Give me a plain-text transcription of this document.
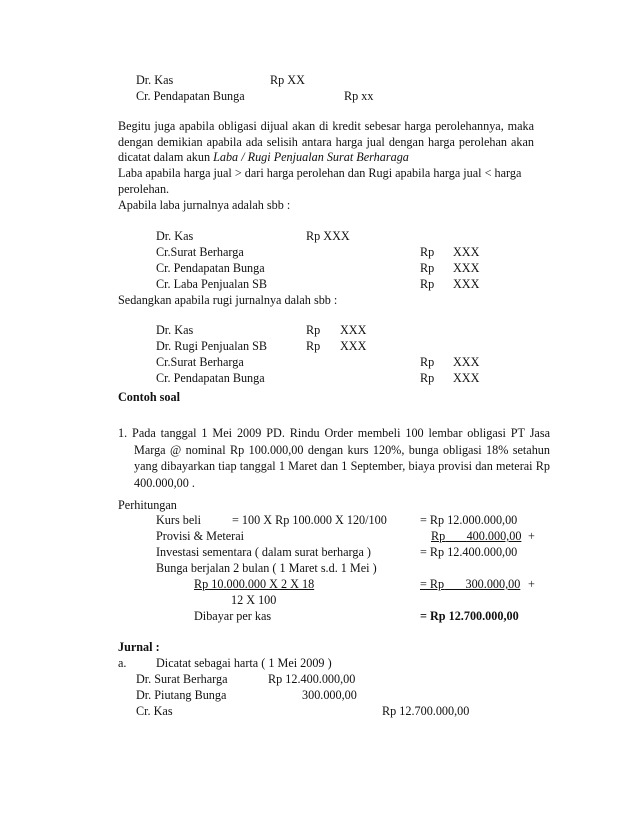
Dr. Kas	Rp XX
Cr. Pendapatan Bunga	Rp xx
Begitu juga apabila obligasi dijual akan di kredit sebesar harga perolehannya, maka dengan demikian apabila ada selisih antara harga jual dengan harga perolehan akan dicatat dalam akun Laba / Rugi Penjualan Surat Berharaga
Laba apabila harga jual > dari harga perolehan dan Rugi apabila harga jual < harga perolehan.
Apabila laba jurnalnya adalah sbb :
Dr. Kas	Rp XXX
Cr.Surat Berharga	Rp XXX
Cr. Pendapatan Bunga	Rp XXX
Cr. Laba Penjualan SB	Rp XXX
Sedangkan apabila rugi jurnalnya dalah sbb :
Dr. Kas	Rp XXX
Dr. Rugi Penjualan SB	Rp XXX
Cr.Surat Berharga	Rp XXX
Cr. Pendapatan Bunga	Rp XXX
Contoh soal
1. Pada tanggal 1 Mei 2009 PD. Rindu Order membeli 100 lembar obligasi PT Jasa Marga @ nominal Rp 100.000,00 dengan kurs 120%, bunga obligasi 18% setahun yang dibayarkan tiap tanggal 1 Maret dan 1 September, biaya provisi dan meterai Rp 400.000,00 .
Perhitungan
Kurs beli	= 100 X Rp 100.000 X 120/100	= Rp 12.000.000,00
Provisi & Meterai	Rp 400.000,00 +
Investasi sementara ( dalam surat berharga )	= Rp 12.400.000,00
Bunga berjalan 2 bulan ( 1 Maret s.d. 1 Mei )
Rp 10.000.000 X 2 X 18	= Rp 300.000,00 +
12 X 100
Dibayar per kas	= Rp 12.700.000,00
Jurnal :
a. Dicatat sebagai harta ( 1 Mei 2009 )
Dr. Surat Berharga	Rp 12.400.000,00
Dr. Piutang Bunga	300.000,00
Cr. Kas	Rp 12.700.000,00
